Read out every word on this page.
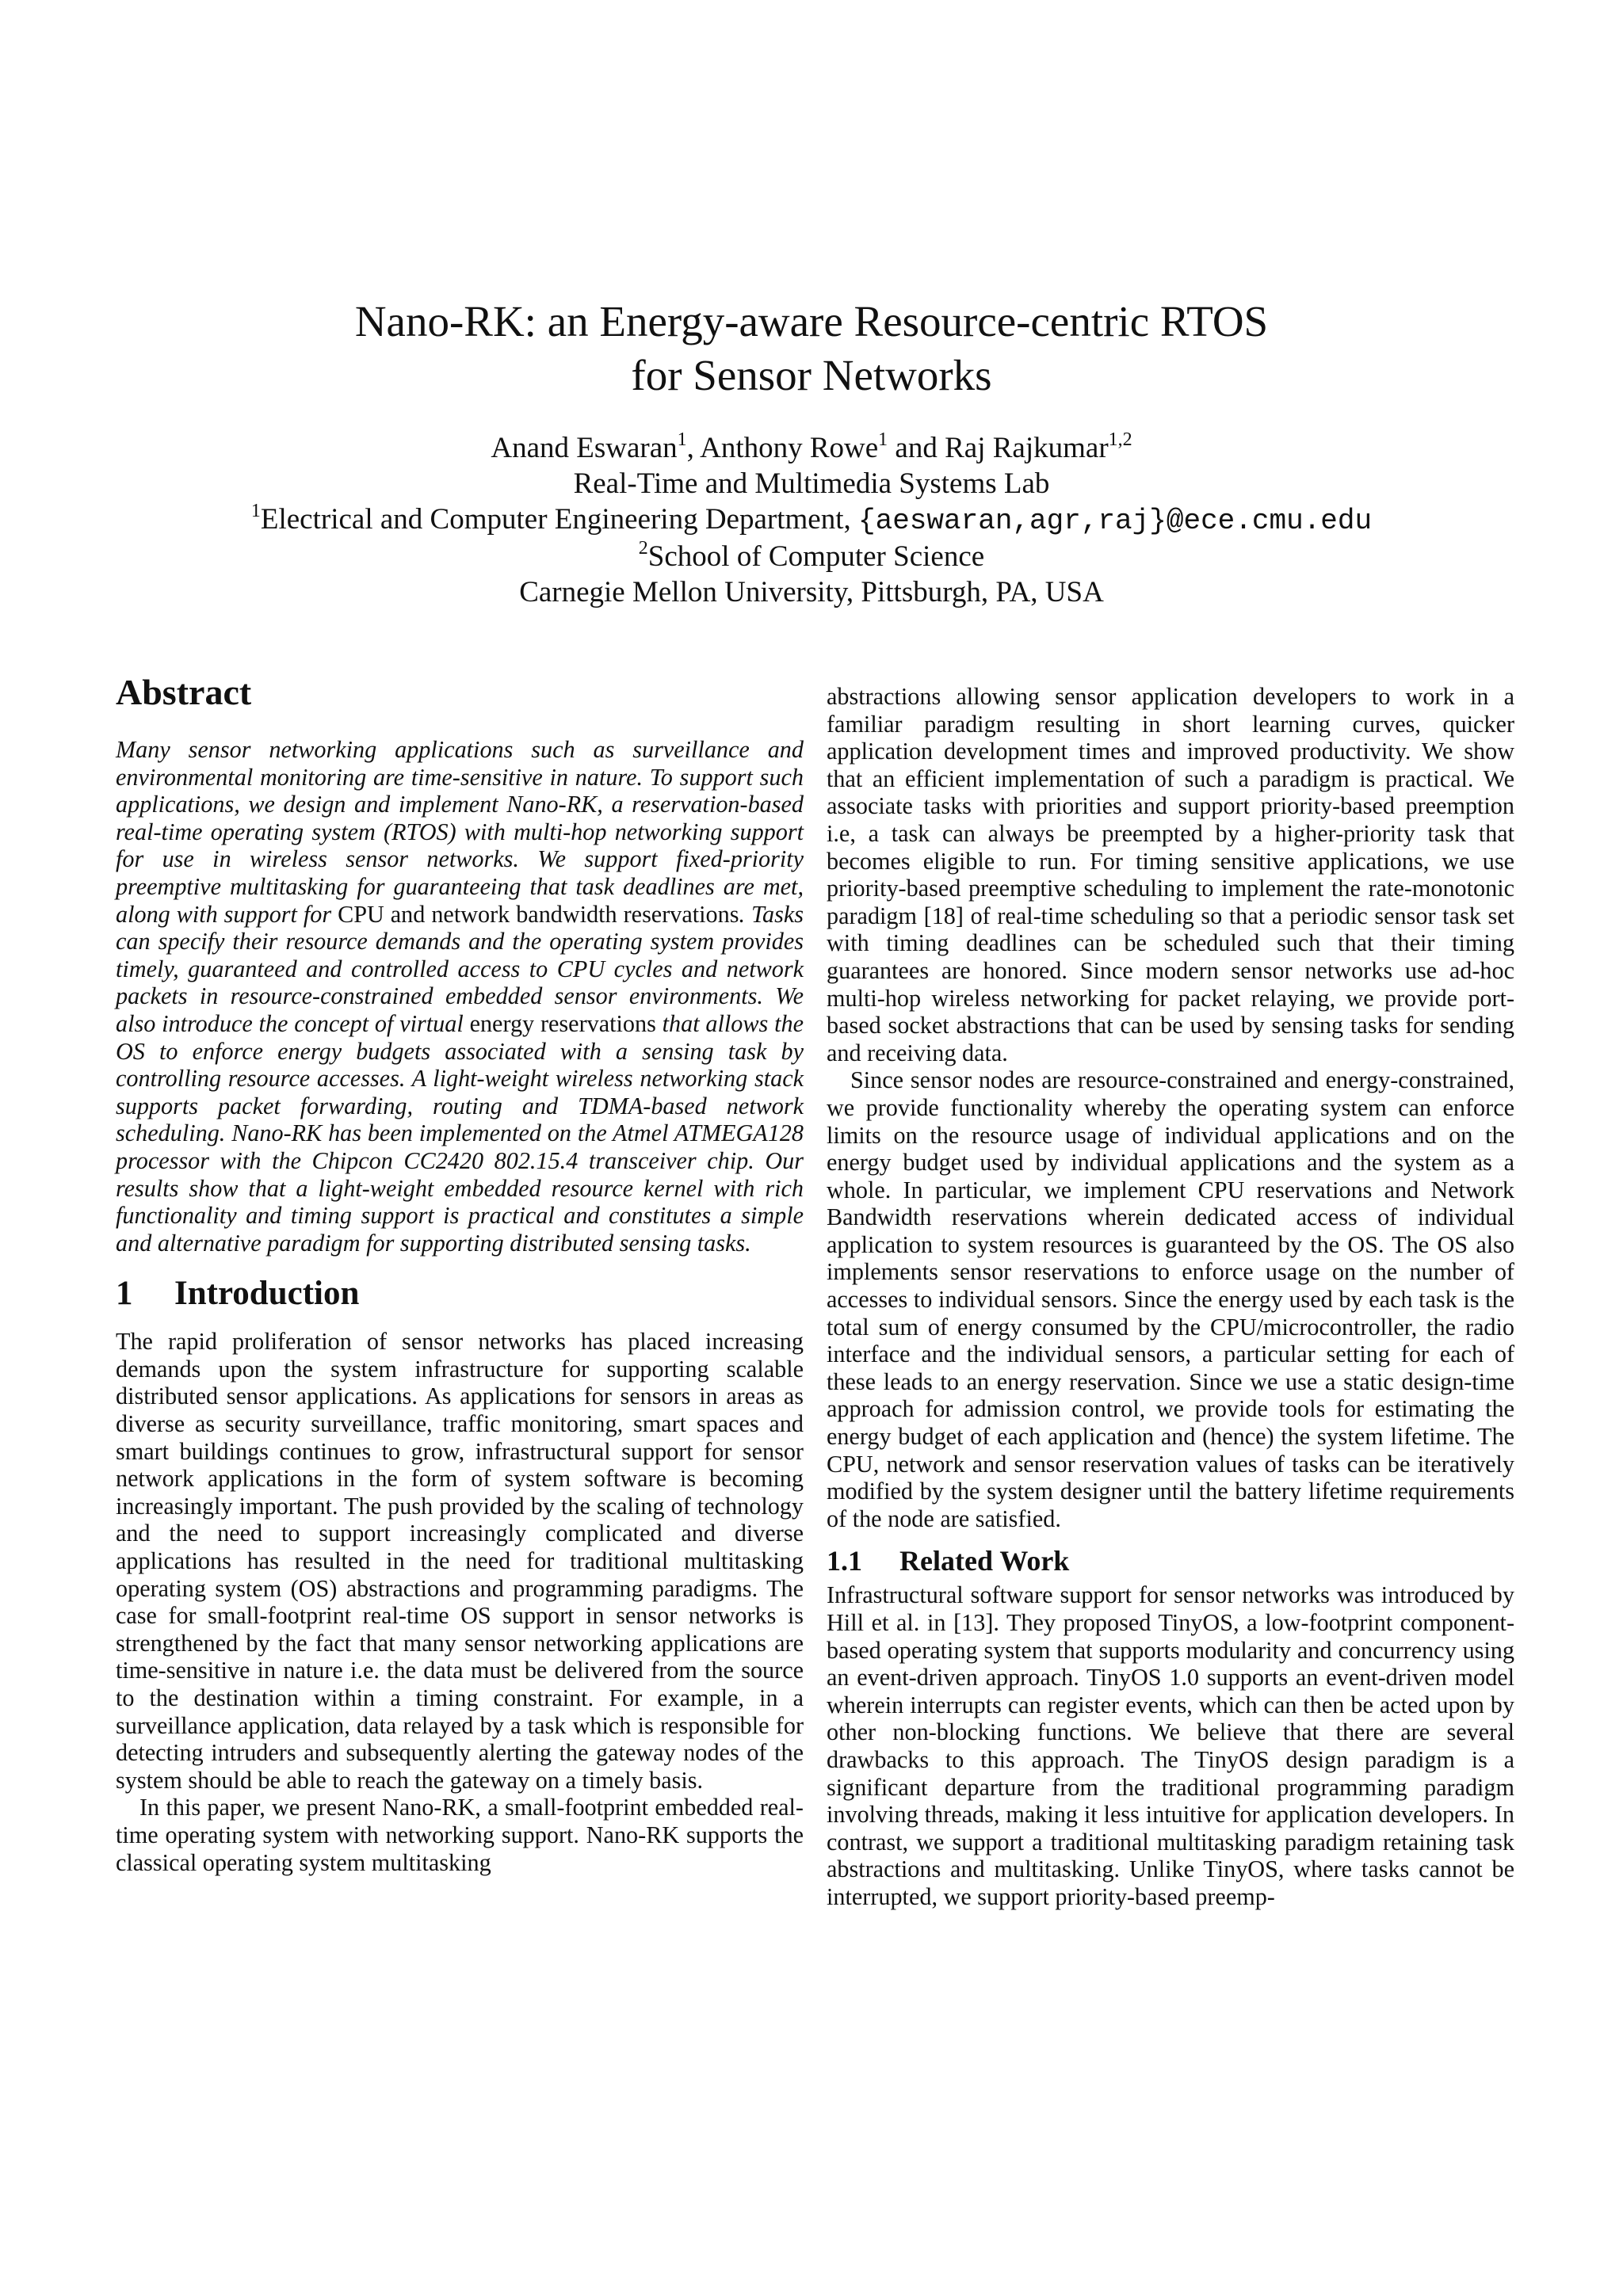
Nano-RK: an Energy-aware Resource-centric RTOS
for Sensor Networks
Anand Eswaran$^1$, Anthony Rowe$^1$ and Raj Rajkumar$^{1,2}$
Real-Time and Multimedia Systems Lab
$^1$Electrical and Computer Engineering Department, {aeswaran,agr,raj}@ece.cmu.edu
$^2$School of Computer Science
Carnegie Mellon University, Pittsburgh, PA, USA
Abstract

Many sensor networking applications such as surveillance and environmental monitoring are time-sensitive in nature. To support such applications, we design and implement Nano-RK, a reservation-based real-time operating system (RTOS) with multi-hop networking support for use in wireless sensor networks. We support fixed-priority preemptive multitasking for guaranteeing that task deadlines are met, along with support for CPU and network bandwidth reservations. Tasks can specify their resource demands and the operating system provides timely, guaranteed and controlled access to CPU cycles and network packets in resource-constrained embedded sensor environments. We also introduce the concept of virtual energy reservations that allows the OS to enforce energy budgets associated with a sensing task by controlling resource accesses. A light-weight wireless networking stack supports packet forwarding, routing and TDMA-based network scheduling. Nano-RK has been implemented on the Atmel ATMEGA128 processor with the Chipcon CC2420 802.15.4 transceiver chip. Our results show that a light-weight embedded resource kernel with rich functionality and timing support is practical and constitutes a simple and alternative paradigm for supporting distributed sensing tasks.

1 Introduction

The rapid proliferation of sensor networks has placed increasing demands upon the system infrastructure for supporting scalable distributed sensor applications. As applications for sensors in areas as diverse as security surveillance, traffic monitoring, smart spaces and smart buildings continues to grow, infrastructural support for sensor network applications in the form of system software is becoming increasingly important. The push provided by the scaling of technology and the need to support increasingly complicated and diverse applications has resulted in the need for traditional multitasking operating system (OS) abstractions and programming paradigms. The case for small-footprint real-time OS support in sensor networks is strengthened by the fact that many sensor networking applications are time-sensitive in nature i.e. the data must be delivered from the source to the destination within a timing constraint. For example, in a surveillance application, data relayed by a task which is responsible for detecting intruders and subsequently alerting the gateway nodes of the system should be able to reach the gateway on a timely basis.

In this paper, we present Nano-RK, a small-footprint embedded real-time operating system with networking support. Nano-RK supports the classical operating system multitasking

abstractions allowing sensor application developers to work in a familiar paradigm resulting in short learning curves, quicker application development times and improved productivity. We show that an efficient implementation of such a paradigm is practical. We associate tasks with priorities and support priority-based preemption i.e, a task can always be preempted by a higher-priority task that becomes eligible to run. For timing sensitive applications, we use priority-based preemptive scheduling to implement the rate-monotonic paradigm [18] of real-time scheduling so that a periodic sensor task set with timing deadlines can be scheduled such that their timing guarantees are honored. Since modern sensor networks use ad-hoc multi-hop wireless networking for packet relaying, we provide port-based socket abstractions that can be used by sensing tasks for sending and receiving data.

Since sensor nodes are resource-constrained and energy-constrained, we provide functionality whereby the operating system can enforce limits on the resource usage of individual applications and on the energy budget used by individual applications and the system as a whole. In particular, we implement CPU reservations and Network Bandwidth reservations wherein dedicated access of individual application to system resources is guaranteed by the OS. The OS also implements sensor reservations to enforce usage on the number of accesses to individual sensors. Since the energy used by each task is the total sum of energy consumed by the CPU/microcontroller, the radio interface and the individual sensors, a particular setting for each of these leads to an energy reservation. Since we use a static design-time approach for admission control, we provide tools for estimating the energy budget of each application and (hence) the system lifetime. The CPU, network and sensor reservation values of tasks can be iteratively modified by the system designer until the battery lifetime requirements of the node are satisfied.

1.1 Related Work

Infrastructural software support for sensor networks was introduced by Hill et al. in [13]. They proposed TinyOS, a low-footprint component-based operating system that supports modularity and concurrency using an event-driven approach. TinyOS 1.0 supports an event-driven model wherein interrupts can register events, which can then be acted upon by other non-blocking functions. We believe that there are several drawbacks to this approach. The TinyOS design paradigm is a significant departure from the traditional programming paradigm involving threads, making it less intuitive for application developers. In contrast, we support a traditional multitasking paradigm retaining task abstractions and multitasking. Unlike TinyOS, where tasks cannot be interrupted, we support priority-based preemp-
